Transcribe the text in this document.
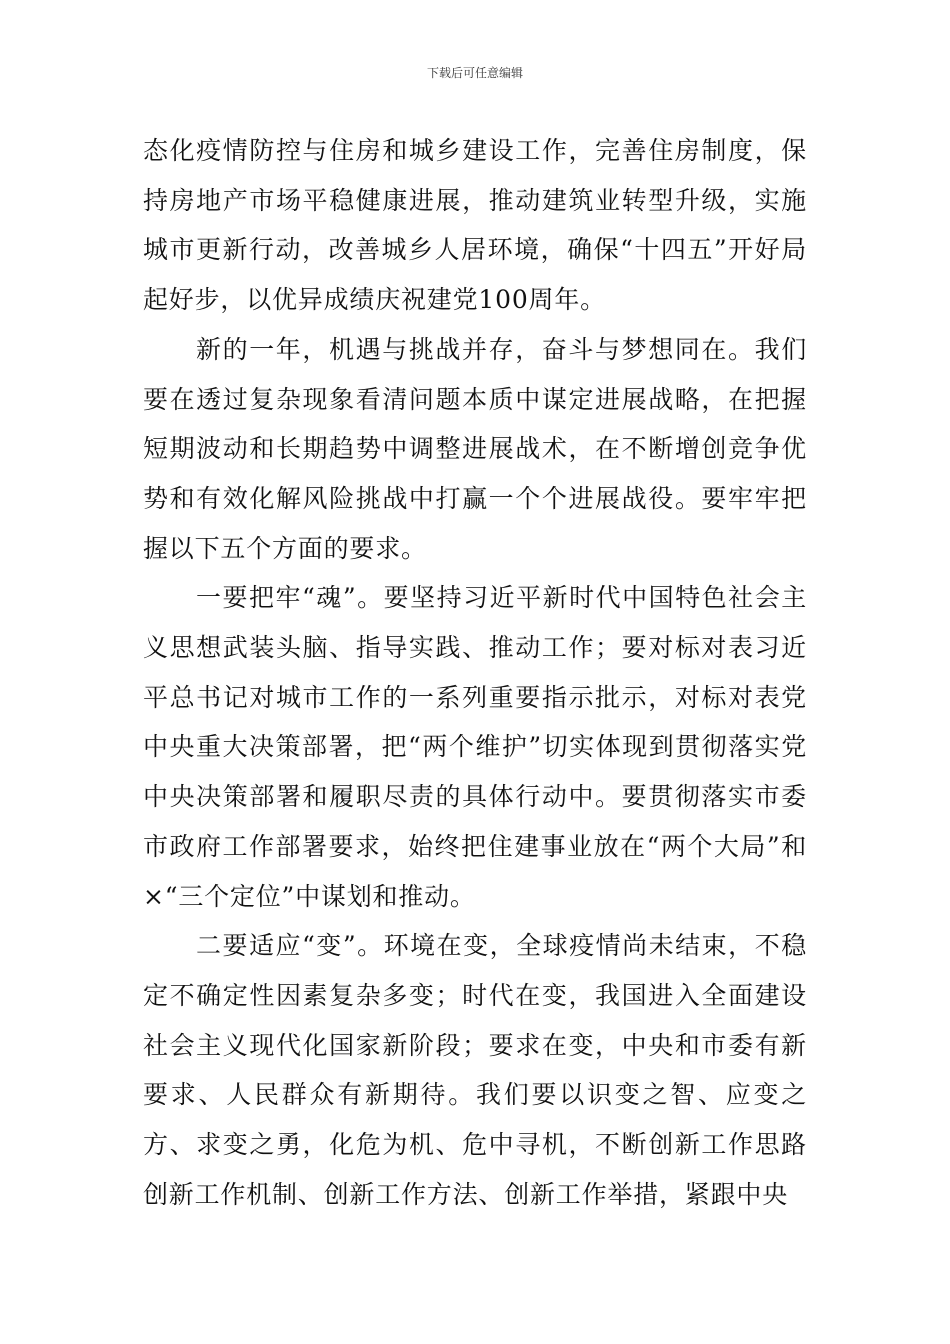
下载后可任意编辑

态化疫情防控与住房和城乡建设工作，完善住房制度，保持房地产市场平稳健康进展，推动建筑业转型升级，实施城市更新行动，改善城乡人居环境，确保“十四五”开好局起好步，以优异成绩庆祝建党100周年。

新的一年，机遇与挑战并存，奋斗与梦想同在。我们要在透过复杂现象看清问题本质中谋定进展战略，在把握短期波动和长期趋势中调整进展战术，在不断增创竞争优势和有效化解风险挑战中打赢一个个进展战役。要牢牢把握以下五个方面的要求。

一要把牢“魂”。要坚持习近平新时代中国特色社会主义思想武装头脑、指导实践、推动工作；要对标对表习近平总书记对城市工作的一系列重要指示批示，对标对表党中央重大决策部署，把“两个维护”切实体现到贯彻落实党中央决策部署和履职尽责的具体行动中。要贯彻落实市委市政府工作部署要求，始终把住建事业放在“两个大局”和×“三个定位”中谋划和推动。

二要适应“变”。环境在变，全球疫情尚未结束，不稳定不确定性因素复杂多变；时代在变，我国进入全面建设社会主义现代化国家新阶段；要求在变，中央和市委有新要求、人民群众有新期待。我们要以识变之智、应变之方、求变之勇，化危为机、危中寻机，不断创新工作思路创新工作机制、创新工作方法、创新工作举措，紧跟中央
